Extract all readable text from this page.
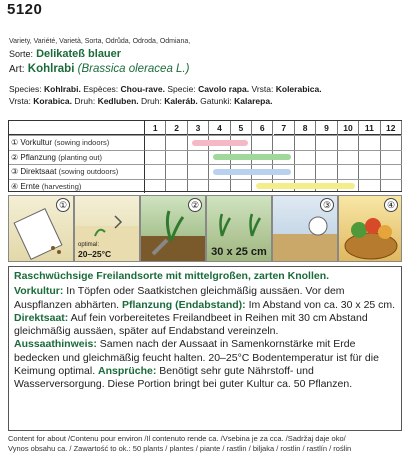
5120
Variety, Variété, Varietà, Sorta, Odrůda, Odroda, Odmiana,
Sorte: Delikateß blauer
Art: Kohlrabi (Brassica oleracea L.)
Species: Kohlrabi. Espèces: Chou-rave. Specie: Cavolo rapa. Vrsta: Kolerabica.
Vrsta: Korabica. Druh: Kedluben. Druh: Kaleráb. Gatunki: Kalarepa.
1	2	3	4	5	6	7	8	9	10	11	12
① Vorkultur (sowing indoors)
② Pflanzung (planting out)
③ Direktsaat (sowing outdoors)
④ Ernte (harvesting)
①
optimal:
20–25°C
②
30 x 25 cm
③	④
Raschwüchsige Freilandsorte mit mittelgroßen, zarten Knollen.
Vorkultur: In Töpfen oder Saatkistchen gleichmäßig aussäen. Vor dem Auspflanzen abhärten. Pflanzung (Endabstand): Im Abstand von ca. 30 x 25 cm.
Direktsaat: Auf fein vorbereitetes Freilandbeet in Reihen mit 30 cm Abstand gleichmäßig aussäen, später auf Endabstand vereinzeln.
Aussaathinweis: Samen nach der Aussaat in Samenkornstärke mit Erde bedecken und gleichmäßig feucht halten. 20–25°C Bodentemperatur ist für die Keimung optimal. Ansprüche: Benötigt sehr gute Nährstoff- und Wasserversorgung. Diese Portion bringt bei guter Kultur ca. 50 Pflanzen.
Content for about /Contenu pour environ /Il contenuto rende ca. /Vsebina je za cca. /Sadržaj daje oko/
Vynos obsahu ca. / Zawartość to ok.: 50 plants / plantes / piante / rastlin / biljaka / rostlin / rastlín / roślin
